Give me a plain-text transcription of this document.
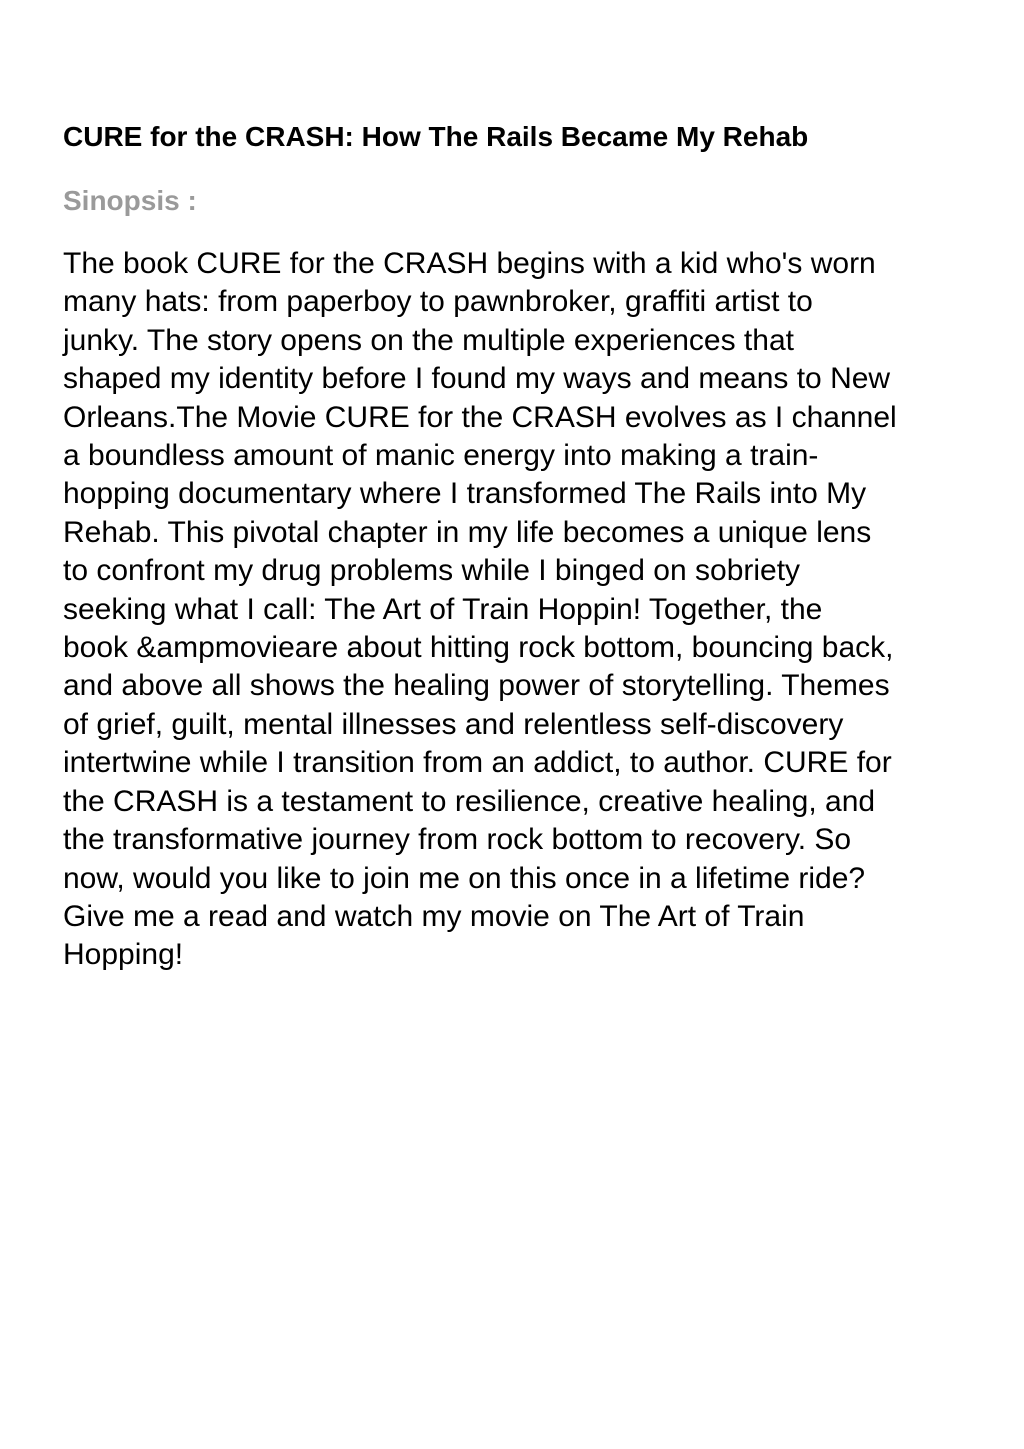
CURE for the CRASH: How The Rails Became My Rehab
Sinopsis :

The book CURE for the CRASH begins with a kid who's worn
many hats: from paperboy to pawnbroker, graffiti artist to
junky. The story opens on the multiple experiences that
shaped my identity before I found my ways and means to New
Orleans.The Movie CURE for the CRASH evolves as I channel
a boundless amount of manic energy into making a train-
hopping documentary where I transformed The Rails into My
Rehab. This pivotal chapter in my life becomes a unique lens
to confront my drug problems while I binged on sobriety
seeking what I call: The Art of Train Hoppin! Together, the
book &ampmovieare about hitting rock bottom, bouncing back,
and above all shows the healing power of storytelling. Themes
of grief, guilt, mental illnesses and relentless self-discovery
intertwine while I transition from an addict, to author. CURE for
the CRASH is a testament to resilience, creative healing, and
the transformative journey from rock bottom to recovery. So
now, would you like to join me on this once in a lifetime ride?
Give me a read and watch my movie on The Art of Train
Hopping!
